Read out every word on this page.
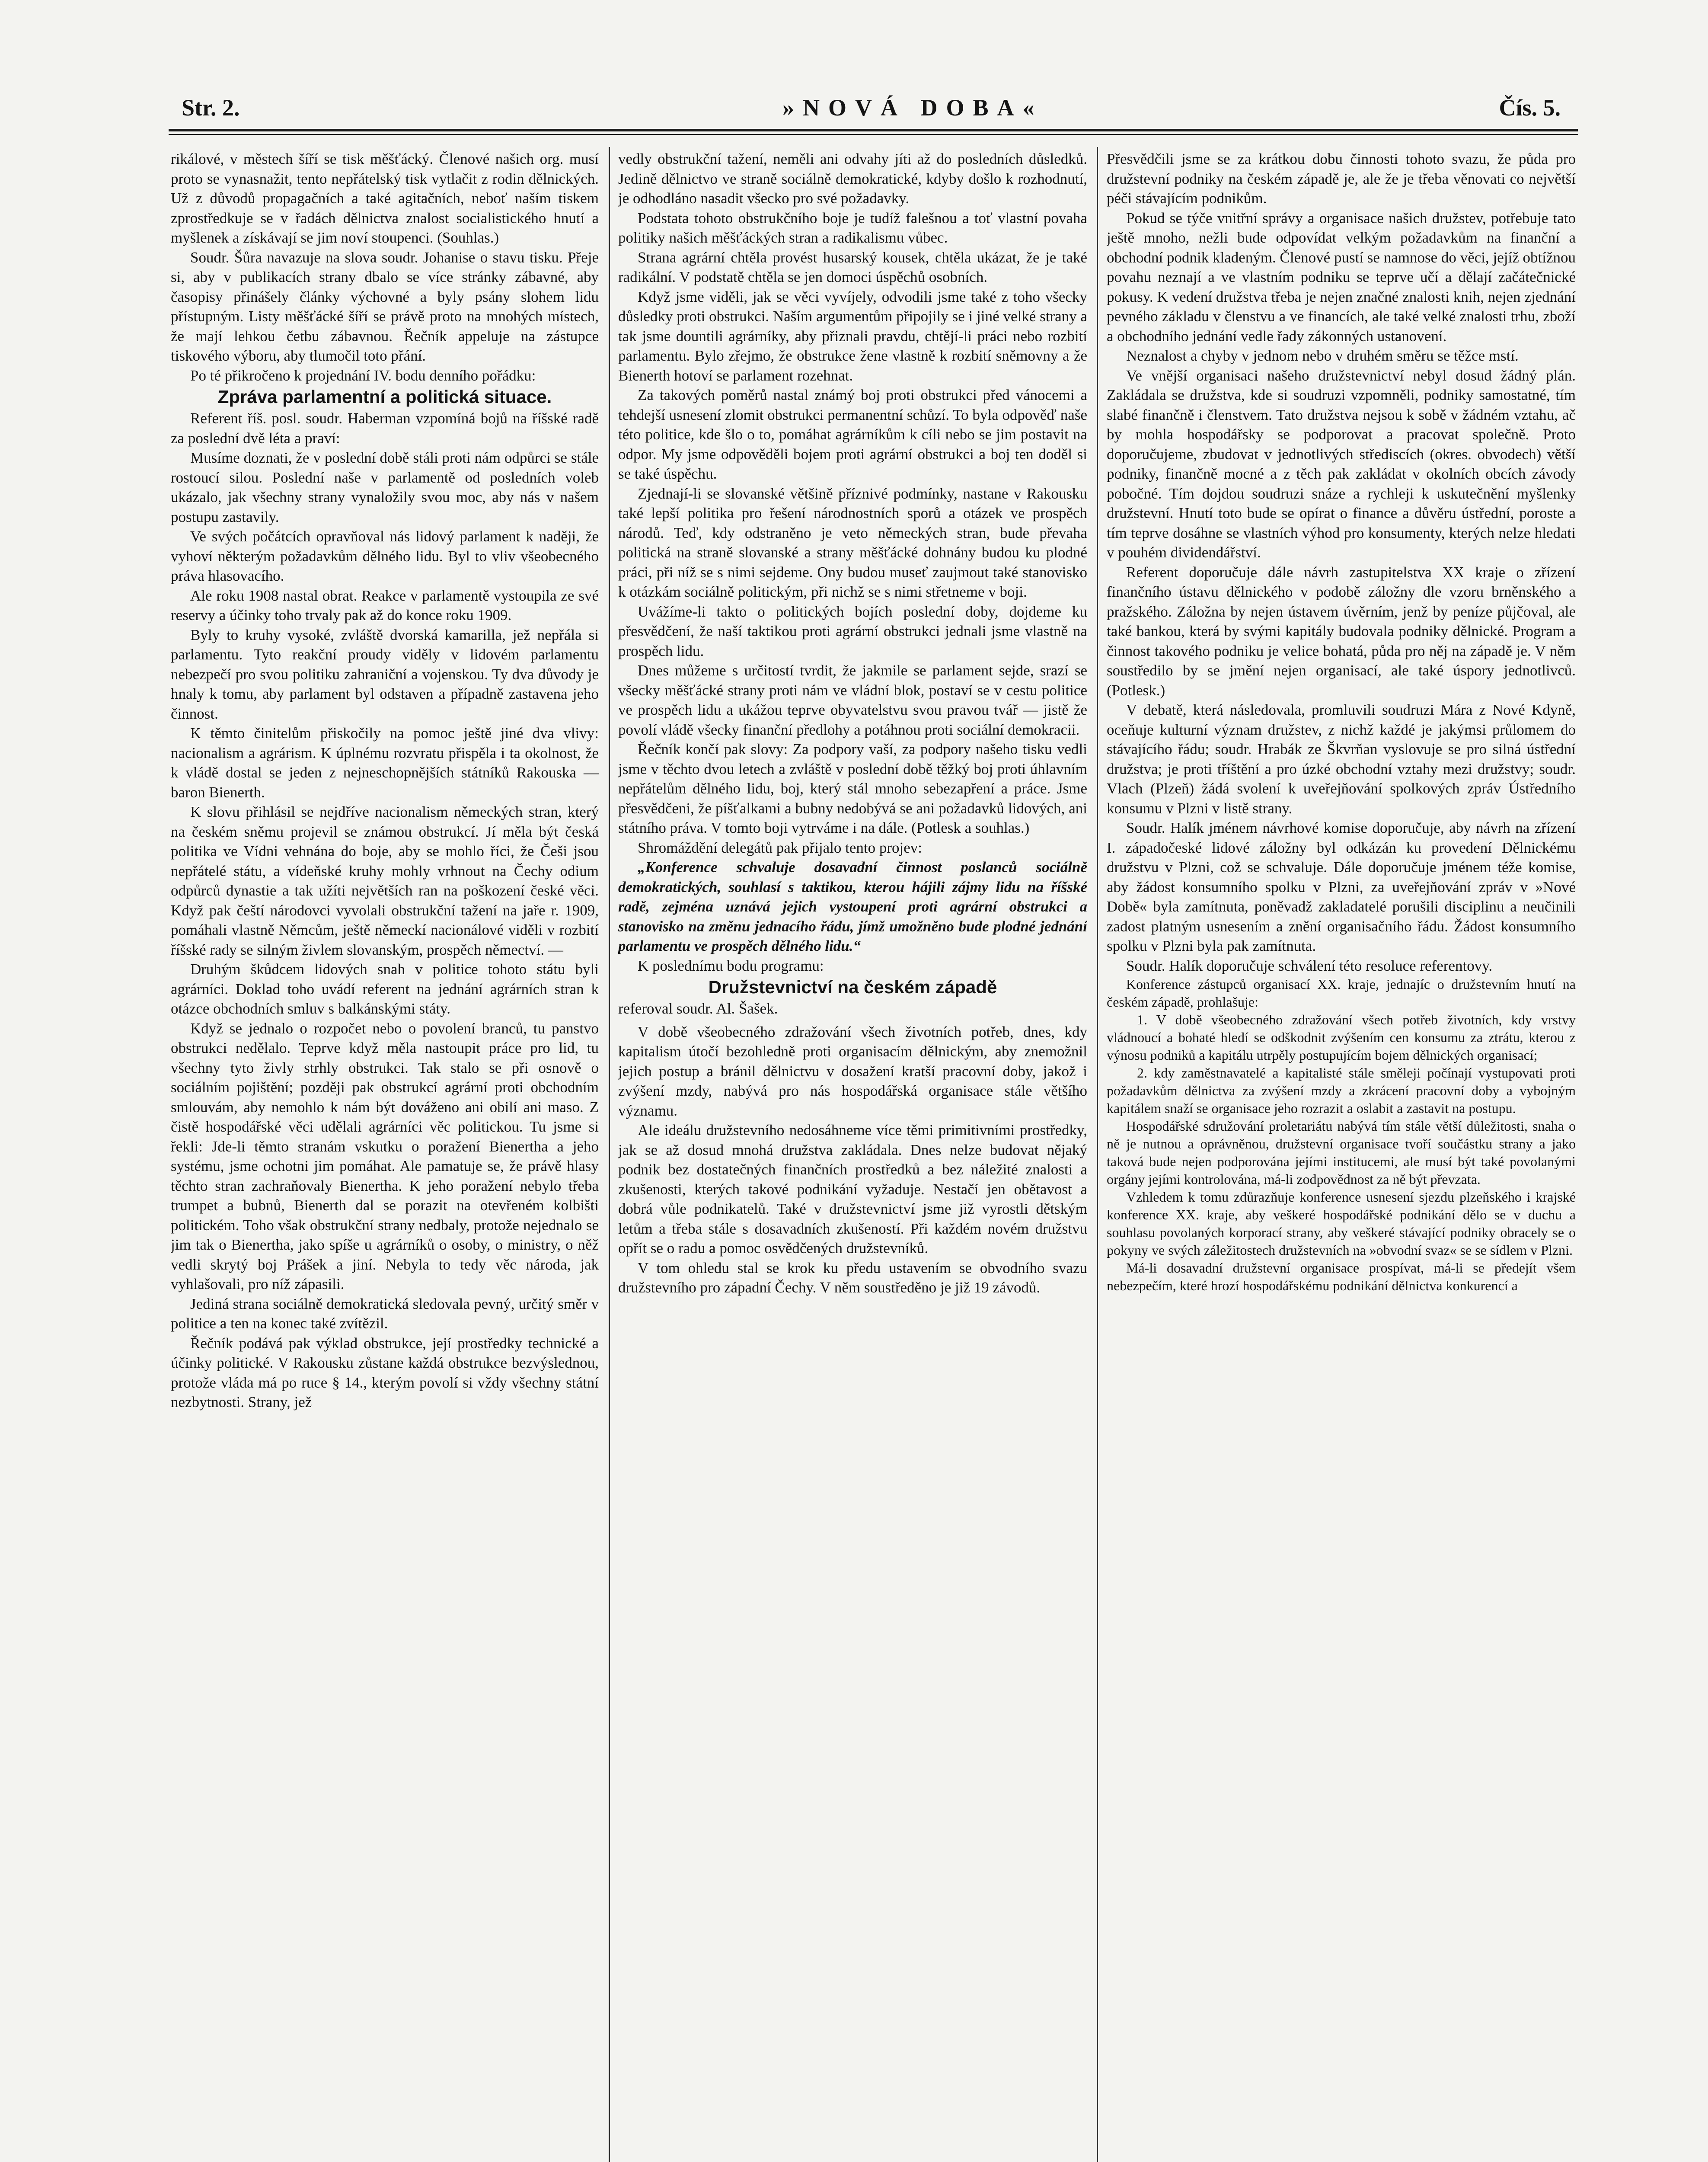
Str. 2.	»NOVÁ DOBA«	Čís. 5.

rikálové, v městech šíří se tisk měšťácký. Členové našich org. musí proto se vynasnažit, tento nepřátelský tisk vytlačit z rodin dělnických. Už z důvodů propagačních a také agitačních, neboť naším tiskem zprostředkuje se v řadách dělnictva znalost socialistického hnutí a myšlenek a získávají se jim noví stoupenci. (Souhlas.)

Soudr. Šůra navazuje na slova soudr. Johanise o stavu tisku. Přeje si, aby v publikacích strany dbalo se více stránky zábavné, aby časopisy přinášely články výchovné a byly psány slohem lidu přístupným. Listy měšťácké šíří se právě proto na mnohých místech, že mají lehkou četbu zábavnou. Řečník appeluje na zástupce tiskového výboru, aby tlumočil toto přání.

Po té přikročeno k projednání IV. bodu denního pořádku:

Zpráva parlamentní a politická situace.

Referent říš. posl. soudr. Haberman vzpomíná bojů na říšské radě za poslední dvě léta a praví:

Musíme doznati, že v poslední době stáli proti nám odpůrci se stále rostoucí silou. Poslední naše v parlamentě od posledních voleb ukázalo, jak všechny strany vynaložily svou moc, aby nás v našem postupu zastavily.

Ve svých počátcích opravňoval nás lidový parlament k naději, že vyhoví některým požadavkům dělného lidu. Byl to vliv všeobecného práva hlasovacího.

Ale roku 1908 nastal obrat. Reakce v parlamentě vystoupila ze své reservy a účinky toho trvaly pak až do konce roku 1909.

Byly to kruhy vysoké, zvláště dvorská kamarilla, jež nepřála si parlamentu. Tyto reakční proudy viděly v lidovém parlamentu nebezpečí pro svou politiku zahraniční a vojenskou. Ty dva důvody je hnaly k tomu, aby parlament byl odstaven a případně zastavena jeho činnost.

K těmto činitelům přiskočily na pomoc ještě jiné dva vlivy: nacionalism a agrárism. K úplnému rozvratu přispěla i ta okolnost, že k vládě dostal se jeden z nejneschopnějších státníků Rakouska — baron Bienerth.

K slovu přihlásil se nejdříve nacionalism německých stran, který na českém sněmu projevil se známou obstrukcí. Jí měla být česká politika ve Vídni vehnána do boje, aby se mohlo říci, že Češi jsou nepřátelé státu, a vídeňské kruhy mohly vrhnout na Čechy odium odpůrců dynastie a tak užíti největších ran na poškození české věci. Když pak čeští národovci vyvolali obstrukční tažení na jaře r. 1909, pomáhali vlastně Němcům, ještě německí nacionálové viděli v rozbití říšské rady se silným živlem slovanským, prospěch němectví. —

Druhým škůdcem lidových snah v politice tohoto státu byli agrárníci. Doklad toho uvádí referent na jednání agrárních stran k otázce obchodních smluv s balkánskými státy.

Když se jednalo o rozpočet nebo o povolení branců, tu panstvo obstrukci nedělalo. Teprve když měla nastoupit práce pro lid, tu všechny tyto živly strhly obstrukci. Tak stalo se při osnově o sociálním pojištění; později pak obstrukcí agrární proti obchodním smlouvám, aby nemohlo k nám být dováženo ani obilí ani maso. Z čistě hospodářské věci udělali agrárníci věc politickou. Tu jsme si řekli: Jde-li těmto stranám vskutku o poražení Bienertha a jeho systému, jsme ochotni jim pomáhat. Ale pamatuje se, že právě hlasy těchto stran zachraňovaly Bienertha. K jeho poražení nebylo třeba trumpet a bubnů, Bienerth dal se porazit na otevřeném kolbišti politickém. Toho však obstrukční strany nedbaly, protože nejednalo se jim tak o Bienertha, jako spíše u agrárníků o osoby, o ministry, o něž vedli skrytý boj Prášek a jiní. Nebyla to tedy věc národa, jak vyhlašovali, pro níž zápasili.

Jediná strana sociálně demokratická sledovala pevný, určitý směr v politice a ten na konec také zvítězil.

Řečník podává pak výklad obstrukce, její prostředky technické a účinky politické. V Rakousku zůstane každá obstrukce bezvýslednou, protože vláda má po ruce § 14., kterým povolí si vždy všechny státní nezbytnosti. Strany, jež

vedly obstrukční tažení, neměli ani odvahy jíti až do posledních důsledků. Jedině dělnictvo ve straně sociálně demokratické, kdyby došlo k rozhodnutí, je odhodláno nasadit všecko pro své požadavky.

Podstata tohoto obstrukčního boje je tudíž falešnou a toť vlastní povaha politiky našich měšťáckých stran a radikalismu vůbec.

Strana agrární chtěla provést husarský kousek, chtěla ukázat, že je také radikální. V podstatě chtěla se jen domoci úspěchů osobních.

Když jsme viděli, jak se věci vyvíjely, odvodili jsme také z toho všecky důsledky proti obstrukci. Naším argumentům připojily se i jiné velké strany a tak jsme dountili agrárníky, aby přiznali pravdu, chtějí-li práci nebo rozbití parlamentu. Bylo zřejmo, že obstrukce žene vlastně k rozbití sněmovny a že Bienerth hotoví se parlament rozehnat.

Za takových poměrů nastal známý boj proti obstrukci před vánocemi a tehdejší usnesení zlomit obstrukci permanentní schůzí. To byla odpověď naše této politice, kde šlo o to, pomáhat agrárníkům k cíli nebo se jim postavit na odpor. My jsme odpověděli bojem proti agrární obstrukci a boj ten doděl si se také úspěchu.

Zjednají-li se slovanské většině příznivé podmínky, nastane v Rakousku také lepší politika pro řešení národnostních sporů a otázek ve prospěch národů. Teď, kdy odstraněno je veto německých stran, bude převaha politická na straně slovanské a strany měšťácké dohnány budou ku plodné práci, při níž se s nimi sejdeme. Ony budou museť zaujmout také stanovisko k otázkám sociálně politickým, při nichž se s nimi střetneme v boji.

Uvážíme-li takto o politických bojích poslední doby, dojdeme ku přesvědčení, že naší taktikou proti agrární obstrukci jednali jsme vlastně na prospěch lidu.

Dnes můžeme s určitostí tvrdit, že jakmile se parlament sejde, srazí se všecky měšťácké strany proti nám ve vládní blok, postaví se v cestu politice ve prospěch lidu a ukážou teprve obyvatelstvu svou pravou tvář — jistě že povolí vládě všecky finanční předlohy a potáhnou proti sociální demokracii.

Řečník končí pak slovy: Za podpory vaší, za podpory našeho tisku vedli jsme v těchto dvou letech a zvláště v poslední době těžký boj proti úhlavním nepřátelům dělného lidu, boj, který stál mnoho sebezapření a práce. Jsme přesvědčeni, že píšťalkami a bubny nedobývá se ani požadavků lidových, ani státního práva. V tomto boji vytrváme i na dále. (Potlesk a souhlas.)

Shromáždění delegátů pak přijalo tento projev:

„Konference schvaluje dosavadní činnost poslanců sociálně demokratických, souhlasí s taktikou, kterou hájili zájmy lidu na říšské radě, zejména uznává jejich vystoupení proti agrární obstrukci a stanovisko na změnu jednacího řádu, jímž umožněno bude plodné jednání parlamentu ve prospěch dělného lidu.“

K poslednímu bodu programu:

Družstevnictví na českém západě

referoval soudr. Al. Šašek.

V době všeobecného zdražování všech životních potřeb, dnes, kdy kapitalism útočí bezohledně proti organisacím dělnickým, aby znemožnil jejich postup a bránil dělnictvu v dosažení kratší pracovní doby, jakož i zvýšení mzdy, nabývá pro nás hospodářská organisace stále většího významu.

Ale ideálu družstevního nedosáhneme více těmi primitivními prostředky, jak se až dosud mnohá družstva zakládala. Dnes nelze budovat nějaký podnik bez dostatečných finančních prostředků a bez náležité znalosti a zkušenosti, kterých takové podnikání vyžaduje. Nestačí jen obětavost a dobrá vůle podnikatelů. Také v družstevnictví jsme již vyrostli dětským letům a třeba stále s dosavadních zkušeností. Při každém novém družstvu opřít se o radu a pomoc osvědčených družstevníků.

V tom ohledu stal se krok ku předu ustavením se obvodního svazu družstevního pro západní Čechy. V něm soustředěno je již 19 závodů.

Přesvědčili jsme se za krátkou dobu činnosti tohoto svazu, že půda pro družstevní podniky na českém západě je, ale že je třeba věnovati co největší péči stávajícím podnikům.

Pokud se týče vnitřní správy a organisace našich družstev, potřebuje tato ještě mnoho, nežli bude odpovídat velkým požadavkům na finanční a obchodní podnik kladeným. Členové pustí se namnose do věci, jejíž obtížnou povahu neznají a ve vlastním podniku se teprve učí a dělají začátečnické pokusy. K vedení družstva třeba je nejen značné znalosti knih, nejen zjednání pevného základu v členstvu a ve financích, ale také velké znalosti trhu, zboží a obchodního jednání vedle řady zákonných ustanovení.

Neznalost a chyby v jednom nebo v druhém směru se těžce mstí.

Ve vnější organisaci našeho družstevnictví nebyl dosud žádný plán. Zakládala se družstva, kde si soudruzi vzpomněli, podniky samostatné, tím slabé finančně i členstvem. Tato družstva nejsou k sobě v žádném vztahu, ač by mohla hospodářsky se podporovat a pracovat společně. Proto doporučujeme, zbudovat v jednotlivých střediscích (okres. obvodech) větší podniky, finančně mocné a z těch pak zakládat v okolních obcích závody pobočné. Tím dojdou soudruzi snáze a rychleji k uskutečnění myšlenky družstevní. Hnutí toto bude se opírat o finance a důvěru ústřední, poroste a tím teprve dosáhne se vlastních výhod pro konsumenty, kterých nelze hledati v pouhém dividendářství.

Referent doporučuje dále návrh zastupitelstva XX kraje o zřízení finančního ústavu dělnického v podobě záložny dle vzoru brněnského a pražského. Záložna by nejen ústavem úvěrním, jenž by peníze půjčoval, ale také bankou, která by svými kapitály budovala podniky dělnické. Program a činnost takového podniku je velice bohatá, půda pro něj na západě je. V něm soustředilo by se jmění nejen organisací, ale také úspory jednotlivců. (Potlesk.)

V debatě, která následovala, promluvili soudruzi Mára z Nové Kdyně, oceňuje kulturní význam družstev, z nichž každé je jakýmsi průlomem do stávajícího řádu; soudr. Hrabák ze Škvrňan vyslovuje se pro silná ústřední družstva; je proti tříštění a pro úzké obchodní vztahy mezi družstvy; soudr. Vlach (Plzeň) žádá svolení k uveřejňování spolkových zpráv Ústředního konsumu v Plzni v listě strany.

Soudr. Halík jménem návrhové komise doporučuje, aby návrh na zřízení I. západočeské lidové záložny byl odkázán ku provedení Dělnickému družstvu v Plzni, což se schvaluje. Dále doporučuje jménem téže komise, aby žádost konsumního spolku v Plzni, za uveřejňování zpráv v »Nové Době« byla zamítnuta, poněvadž zakladatelé porušili disciplinu a neučinili zadost platným usnesením a znění organisačního řádu. Žádost konsumního spolku v Plzni byla pak zamítnuta.

Soudr. Halík doporučuje schválení této resoluce referentovy.

Konference zástupců organisací XX. kraje, jednajíc o družstevním hnutí na českém západě, prohlašuje:

1. V době všeobecného zdražování všech potřeb životních, kdy vrstvy vládnoucí a bohaté hledí se odškodnit zvýšením cen konsumu za ztrátu, kterou z výnosu podniků a kapitálu utrpěly postupujícím bojem dělnických organisací;

2. kdy zaměstnavatelé a kapitalisté stále směleji počínají vystupovati proti požadavkům dělnictva za zvýšení mzdy a zkrácení pracovní doby a vybojným kapitálem snaží se organisace jeho rozrazit a oslabit a zastavit na postupu.

Hospodářské sdružování proletariátu nabývá tím stále větší důležitosti, snaha o ně je nutnou a oprávněnou, družstevní organisace tvoří součástku strany a jako taková bude nejen podporována jejími institucemi, ale musí být také povolanými orgány jejími kontrolována, má-li zodpovědnost za ně být převzata.

Vzhledem k tomu zdůrazňuje konference usnesení sjezdu plzeňského i krajské konference XX. kraje, aby veškeré hospodářské podnikání dělo se v duchu a souhlasu povolaných korporací strany, aby veškeré stávající podniky obracely se o pokyny ve svých záležitostech družstevních na »obvodní svaz« se se sídlem v Plzni.

Má-li dosavadní družstevní organisace prospívat, má-li se předejít všem nebezpečím, které hrozí hospodářskému podnikání dělnictva konkurencí a
